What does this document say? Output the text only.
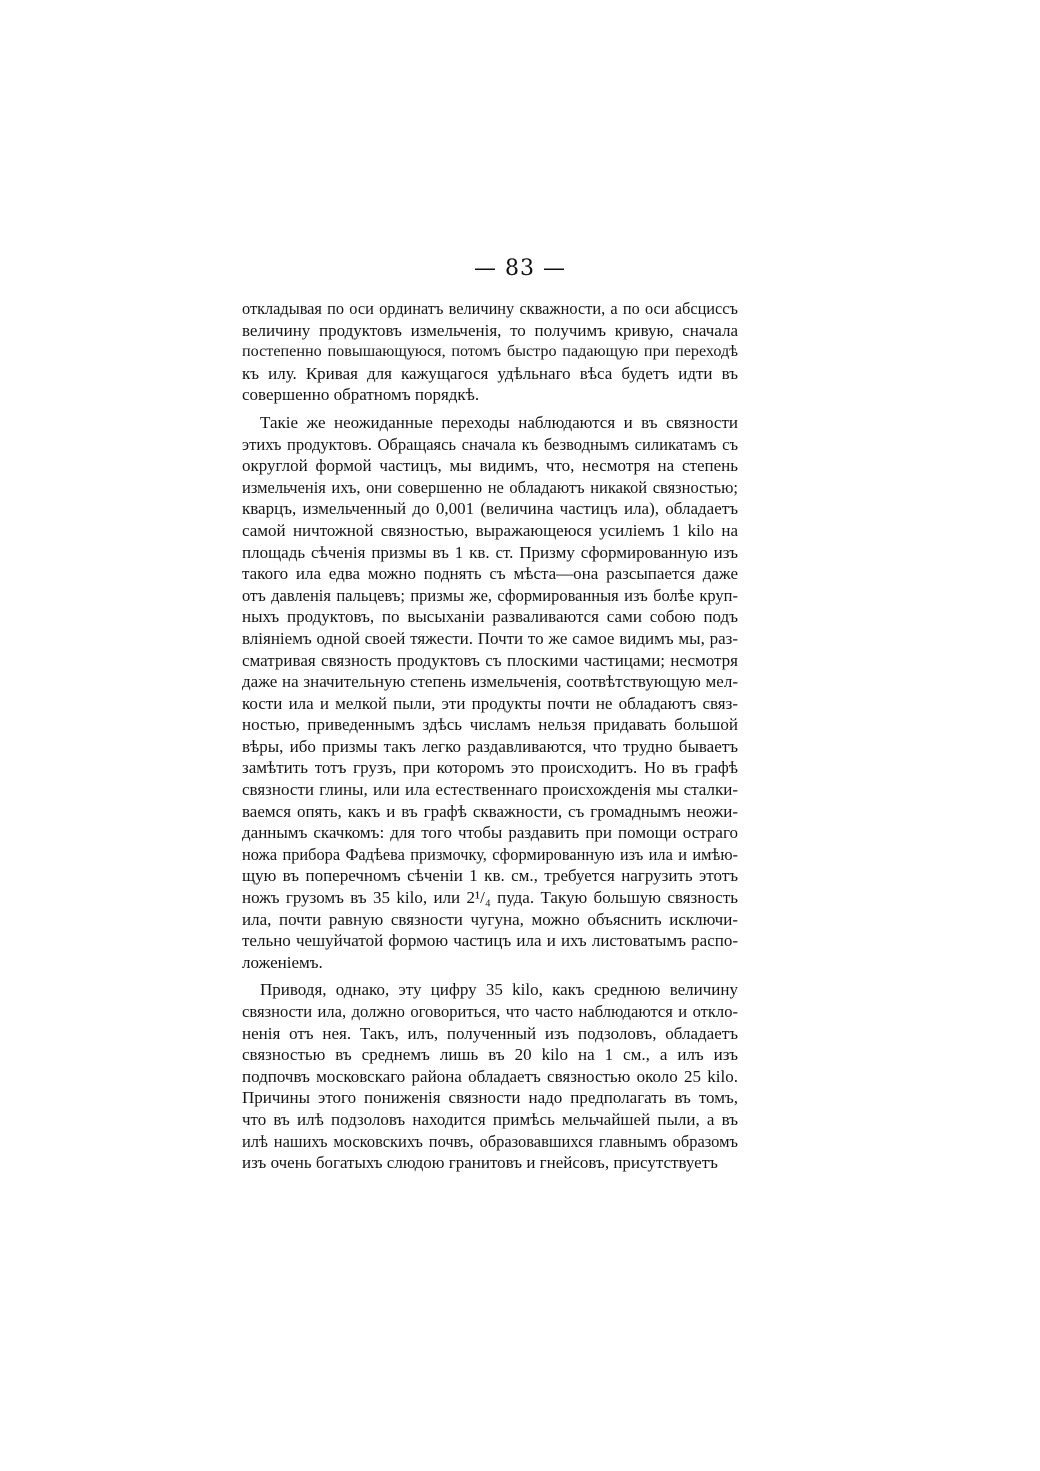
— 83 —
откладывая по оси ординатъ величину скважности, а по оси абсциссъ
величину продуктовъ измельченія, то получимъ кривую, сначала
постепенно повышающуюся, потомъ быстро падающую при переходѣ
къ илу. Кривая для кажущагося удѣльнаго вѣса будетъ идти въ
совершенно обратномъ порядкѣ.
Такіе же неожиданные переходы наблюдаются и въ связности
этихъ продуктовъ. Обращаясь сначала къ безводнымъ силикатамъ съ
округлой формой частицъ, мы видимъ, что, несмотря на степень
измельченія ихъ, они совершенно не обладаютъ никакой связностью;
кварцъ, измельченный до 0,001 (величина частицъ ила), обладаетъ
самой ничтожной связностью, выражающеюся усиліемъ 1 kilo на
площадь сѣченія призмы въ 1 кв. ст. Призму сформированную изъ
такого ила едва можно поднять съ мѣста—она разсыпается даже
отъ давленія пальцевъ; призмы же, сформированныя изъ болѣе круп-
ныхъ продуктовъ, по высыханіи разваливаются сами собою подъ
вліяніемъ одной своей тяжести. Почти то же самое видимъ мы, раз-
сматривая связность продуктовъ съ плоскими частицами; несмотря
даже на значительную степень измельченія, соотвѣтствующую мел-
кости ила и мелкой пыли, эти продукты почти не обладаютъ связ-
ностью, приведеннымъ здѣсь числамъ нельзя придавать большой
вѣры, ибо призмы такъ легко раздавливаются, что трудно бываетъ
замѣтить тотъ грузъ, при которомъ это происходитъ. Но въ графѣ
связности глины, или ила естественнаго происхожденія мы сталки-
ваемся опять, какъ и въ графѣ скважности, съ громаднымъ неожи-
даннымъ скачкомъ: для того чтобы раздавить при помощи остраго
ножа прибора Фадѣева призмочку, сформированную изъ ила и имѣю-
щую въ поперечномъ сѣченіи 1 кв. см., требуется нагрузить этотъ
ножъ грузомъ въ 35 kilo, или 2¹/₄ пуда. Такую большую связность
ила, почти равную связности чугуна, можно объяснить исключи-
тельно чешуйчатой формою частицъ ила и ихъ листоватымъ распо-
ложеніемъ.
Приводя, однако, эту цифру 35 kilo, какъ среднюю величину
связности ила, должно оговориться, что часто наблюдаются и откло-
ненія отъ нея. Такъ, илъ, полученный изъ подзоловъ, обладаетъ
связностью въ среднемъ лишь въ 20 kilo на 1 см., а илъ изъ
подпочвъ московскаго района обладаетъ связностью около 25 kilo.
Причины этого пониженія связности надо предполагать въ томъ,
что въ илѣ подзоловъ находится примѣсь мельчайшей пыли, а въ
илѣ нашихъ московскихъ почвъ, образовавшихся главнымъ образомъ
изъ очень богатыхъ слюдою гранитовъ и гнейсовъ, присутствуетъ
